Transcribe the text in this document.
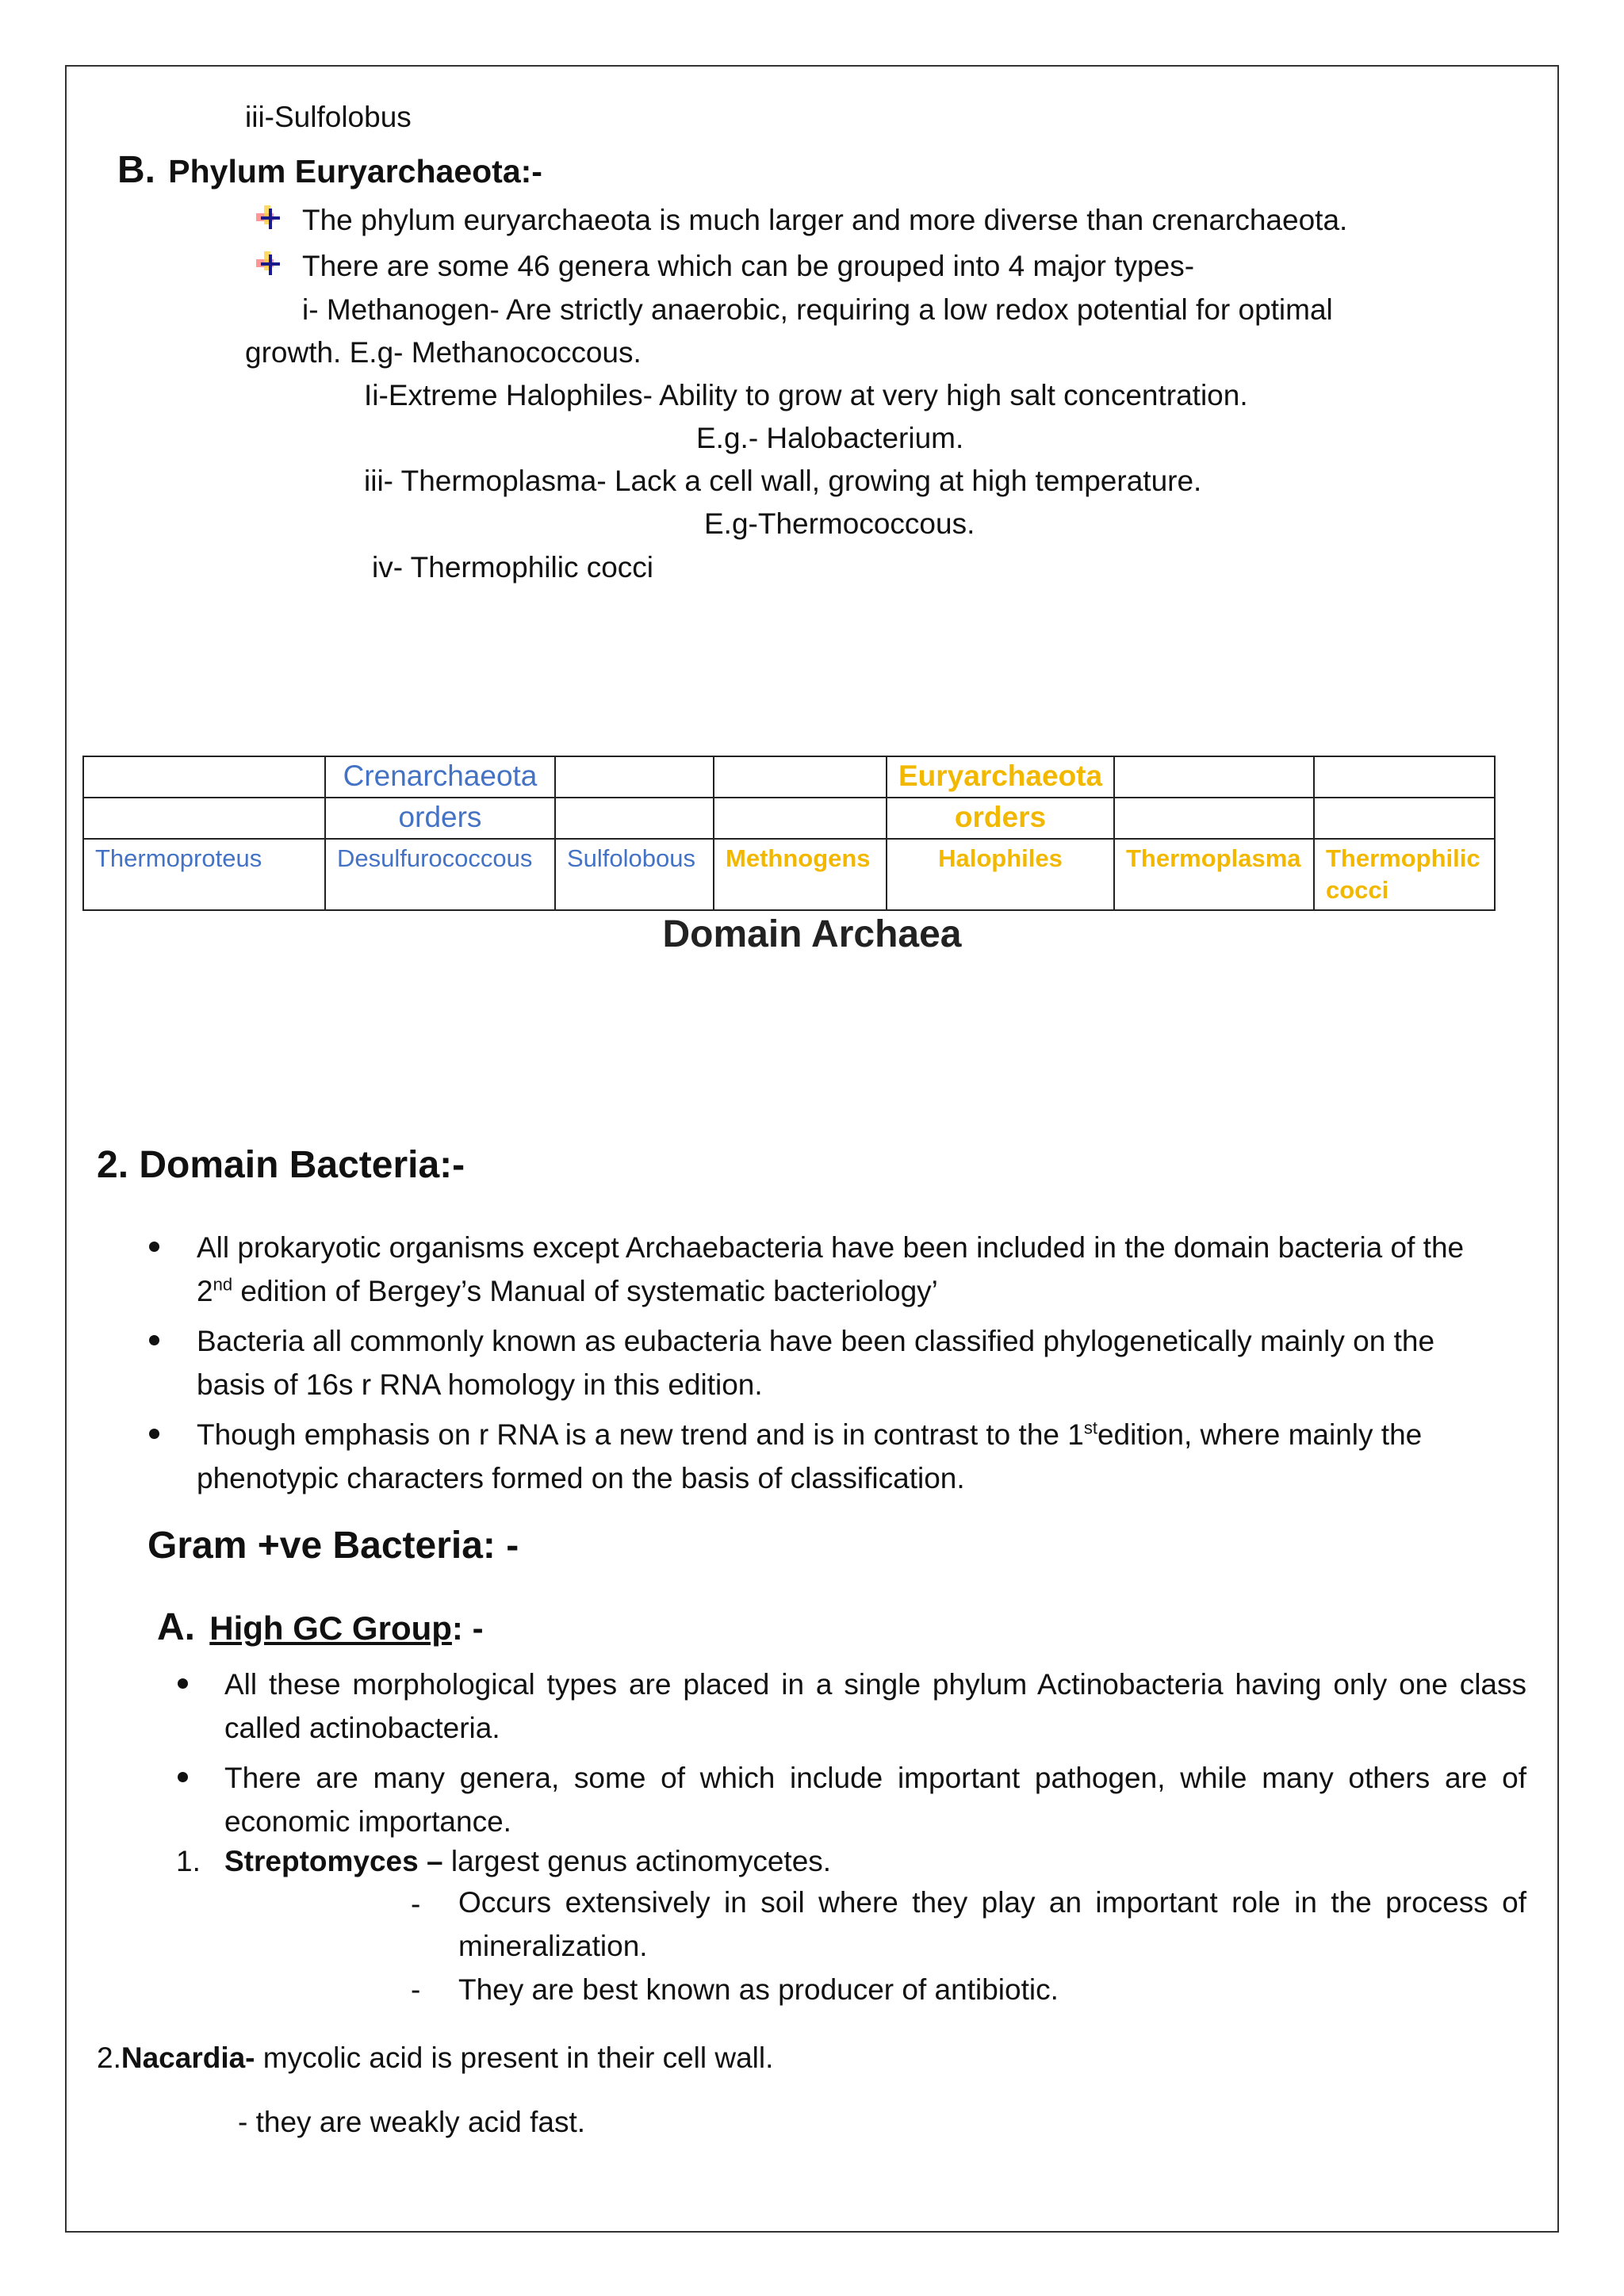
iii-Sulfolobus
B. Phylum Euryarchaeota:-
The phylum euryarchaeota is much larger and more diverse than crenarchaeota.
There are some 46 genera which can be grouped into 4 major types-
i- Methanogen- Are strictly anaerobic, requiring a low redox potential for optimal
growth. E.g- Methanococcous.
Ii-Extreme Halophiles- Ability to grow at very high salt concentration.
E.g.- Halobacterium.
iii- Thermoplasma- Lack a cell wall, growing at high temperature.
E.g-Thermococcous.
iv- Thermophilic cocci
	Crenarchaeota			Euryarchaeota		
	orders			orders		
Thermoproteus	Desulfurococcous	Sulfolobous	Methnogens	Halophiles	Thermoplasma	Thermophilic cocci
Domain Archaea
2. Domain Bacteria:-
All prokaryotic organisms except Archaebacteria have been included in the domain bacteria of the
2nd edition of Bergey’s Manual of systematic bacteriology’
Bacteria all commonly known as eubacteria have been classified phylogenetically mainly on the
basis of 16s r RNA homology in this edition.
Though emphasis on r RNA is a new trend and is in contrast to the 1stedition, where mainly the
phenotypic characters formed on the basis of classification.
Gram +ve Bacteria: -
A. High GC Group: -
All these morphological types are placed in a single phylum Actinobacteria having only one class
called actinobacteria.
There are many genera, some of which include important pathogen, while many others are of
economic importance.
1. Streptomyces – largest genus actinomycetes.
- Occurs extensively in soil where they play an important role in the process of
mineralization.
- They are best known as producer of antibiotic.
2.Nacardia- mycolic acid is present in their cell wall.
- they are weakly acid fast.
